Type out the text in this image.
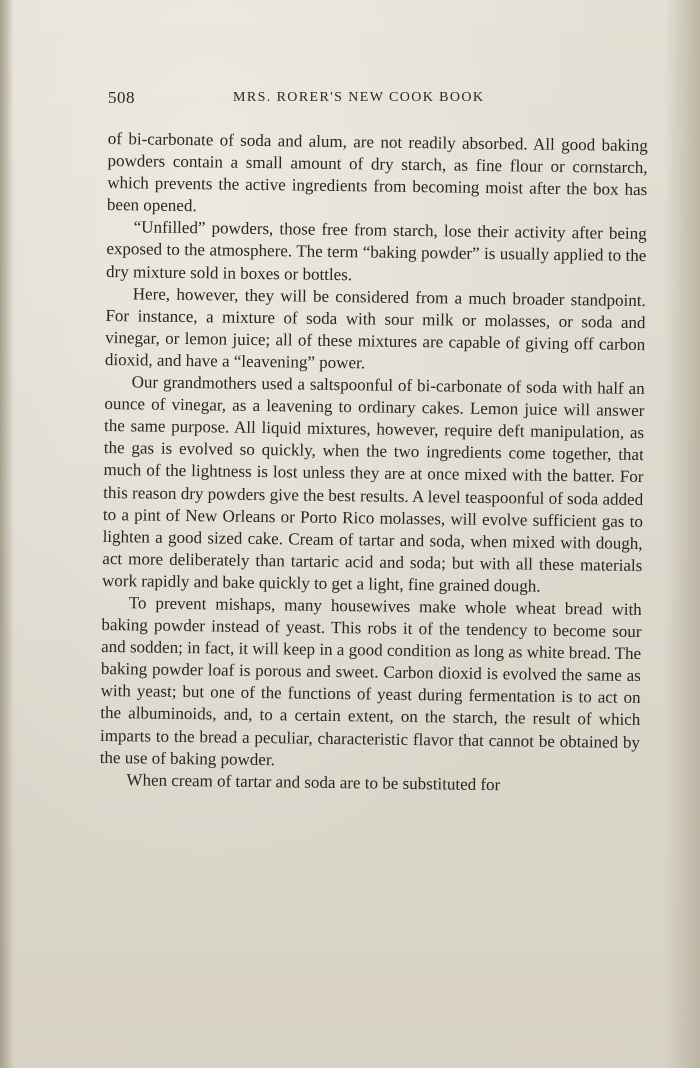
508	MRS. RORER'S NEW COOK BOOK

of bi-carbonate of soda and alum, are not readily absorbed. All good baking powders contain a small amount of dry starch, as fine flour or cornstarch, which prevents the active ingredients from becoming moist after the box has been opened.

“Unfilled” powders, those free from starch, lose their activity after being exposed to the atmosphere. The term “baking powder” is usually applied to the dry mixture sold in boxes or bottles.

Here, however, they will be considered from a much broader standpoint. For instance, a mixture of soda with sour milk or molasses, or soda and vinegar, or lemon juice; all of these mixtures are capable of giving off carbon dioxid, and have a “leavening” power.

Our grandmothers used a saltspoonful of bi-carbonate of soda with half an ounce of vinegar, as a leavening to ordinary cakes. Lemon juice will answer the same purpose. All liquid mixtures, however, require deft manipulation, as the gas is evolved so quickly, when the two ingredients come together, that much of the lightness is lost unless they are at once mixed with the batter. For this reason dry powders give the best results. A level teaspoonful of soda added to a pint of New Orleans or Porto Rico molasses, will evolve sufficient gas to lighten a good sized cake. Cream of tartar and soda, when mixed with dough, act more deliberately than tartaric acid and soda; but with all these materials work rapidly and bake quickly to get a light, fine grained dough.

To prevent mishaps, many housewives make whole wheat bread with baking powder instead of yeast. This robs it of the tendency to become sour and sodden; in fact, it will keep in a good condition as long as white bread. The baking powder loaf is porous and sweet. Carbon dioxid is evolved the same as with yeast; but one of the functions of yeast during fermentation is to act on the albuminoids, and, to a certain extent, on the starch, the result of which imparts to the bread a peculiar, characteristic flavor that cannot be obtained by the use of baking powder.

When cream of tartar and soda are to be substituted for
